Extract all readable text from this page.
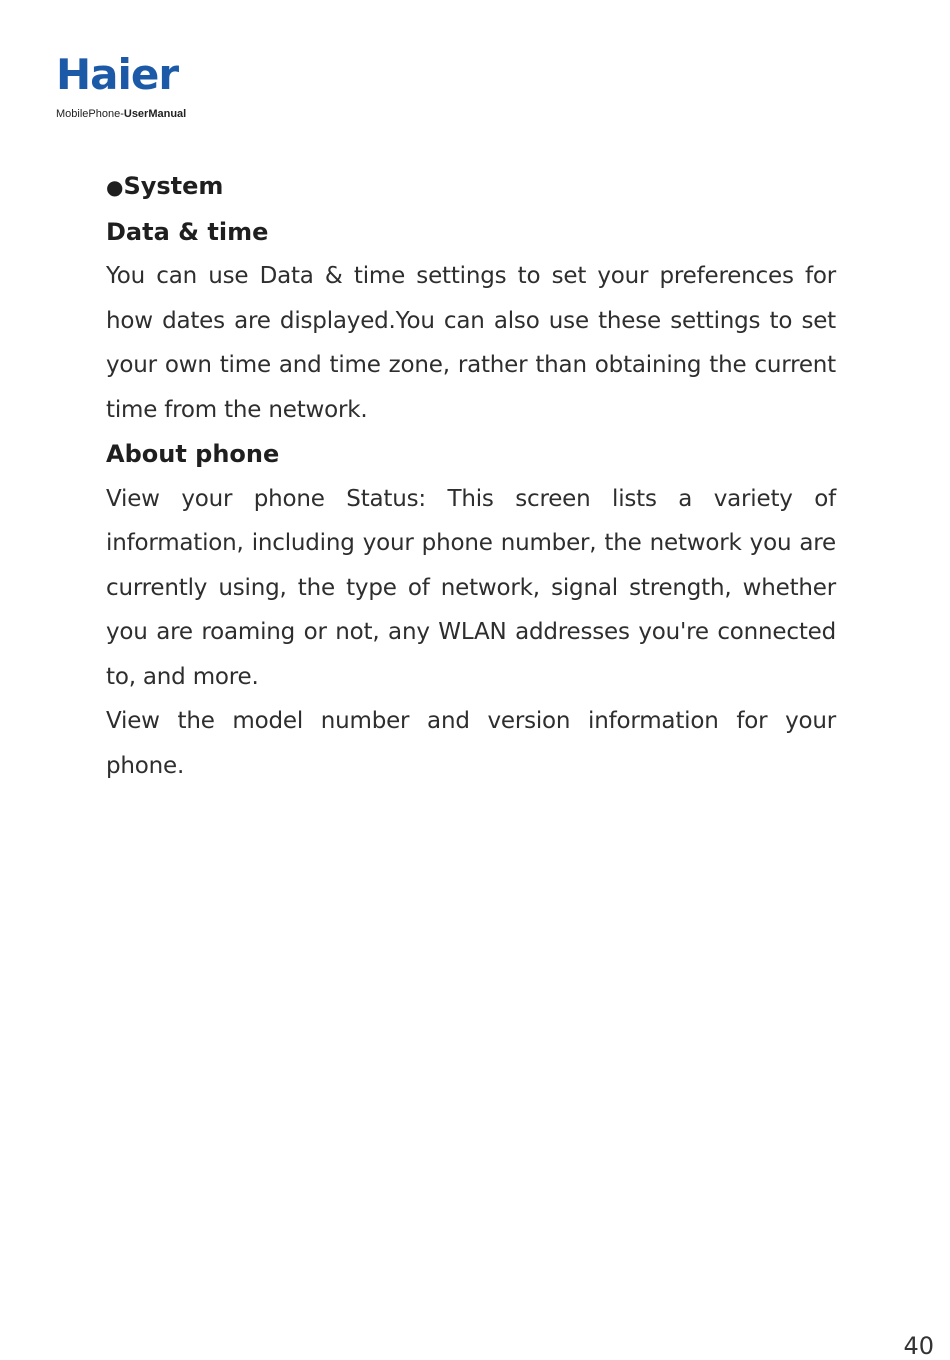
Haier
MobilePhone-UserManual

●System

Data & time

You can use Data & time settings to set your preferences for how dates are displayed.You can also use these settings to set your own time and time zone, rather than obtaining the current time from the network.

About phone

View your phone Status: This screen lists a variety of information, including your phone number, the network you are currently using, the type of network, signal strength, whether you are roaming or not, any WLAN addresses you're connected to, and more.

View the model number and version information for your phone.

40
